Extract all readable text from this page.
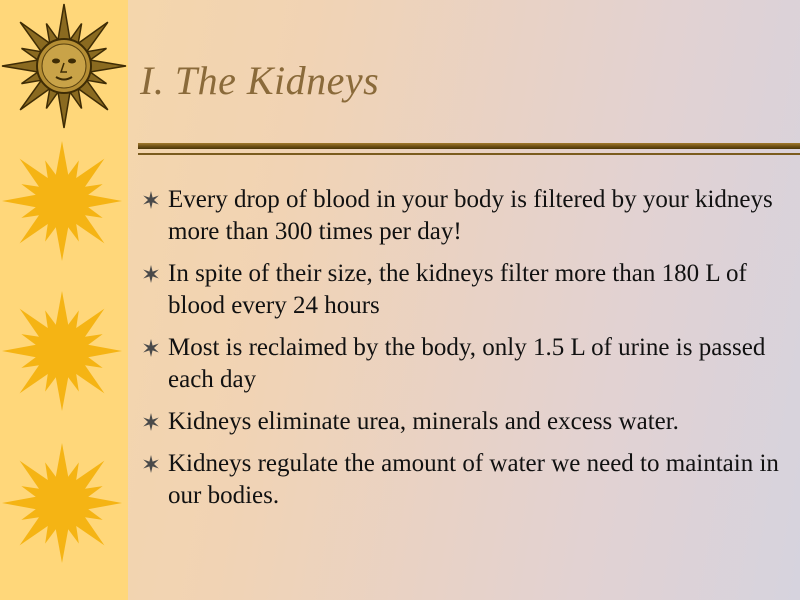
I. The Kidneys
Every drop of blood in your body is filtered by your kidneys more than 300 times per day!
In spite of their size, the kidneys filter more than 180 L of blood every 24 hours
Most is reclaimed by the body, only 1.5 L of urine is passed each day
Kidneys eliminate urea, minerals and excess water.
Kidneys regulate the amount of water we need to maintain in our bodies.
